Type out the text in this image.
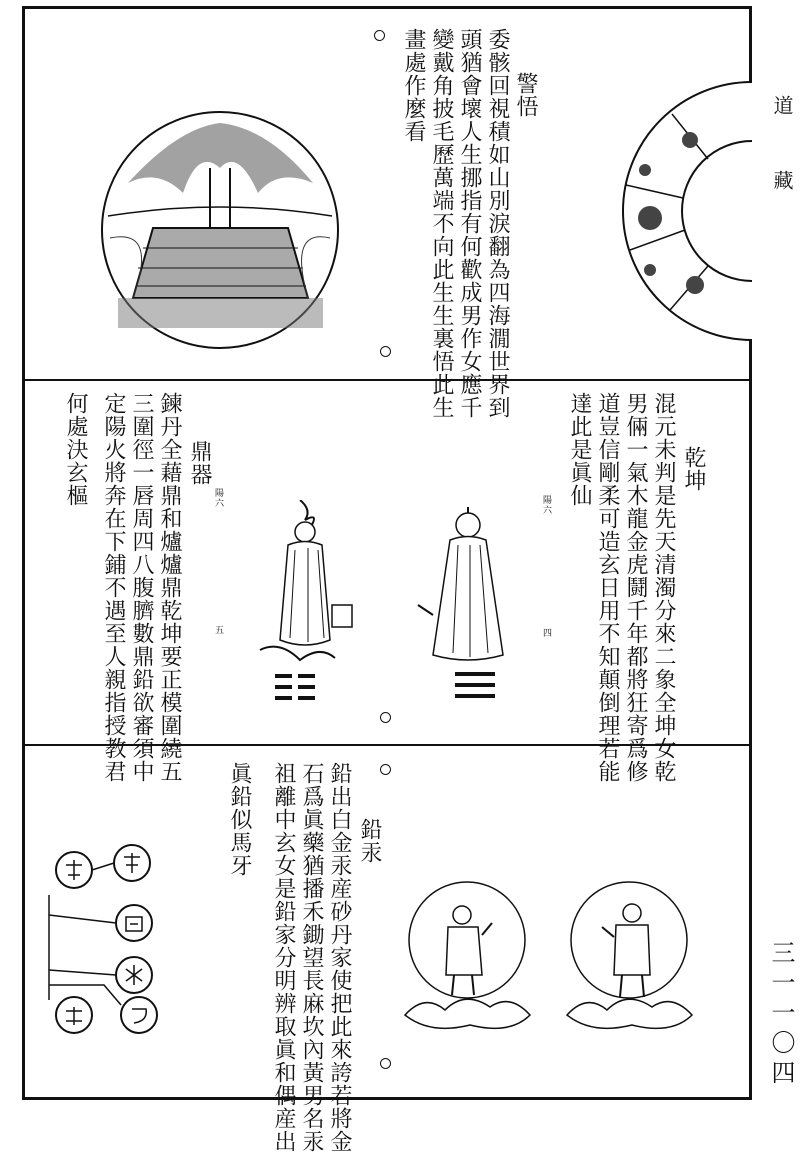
道
藏
三一一〇四
警悟
委骸回視積如山別淚翻為四海㵎世界到
頭猶會壞人生挪指有何歡成男作女應千
變戴角披毛歷萬端不向此生生裏悟此生
畫處作麼看
乾坤
混元未判是先天清濁分來二象全坤女乾
男倆一氣木龍金虎鬪千年都將狂寄爲修
道豈信剛柔可造玄日用不知顛倒理若能
達此是眞仙
陽六
四
陽六
五
鼎器
鍊丹全藉鼎和爐爐鼎乾坤要正模圍繞五
三圍徑一唇周四八腹臍數鼎鉛欲審須中
定陽火將奔在下鋪不遇至人親指授教君
何處決玄樞
鉛汞
鉛出白金汞産砂丹家使把此來誇若將金
石爲眞藥猶播禾鋤望長麻坎內黃男名汞
祖離中玄女是鉛家分明辨取眞和偶産出
眞鉛似馬牙
